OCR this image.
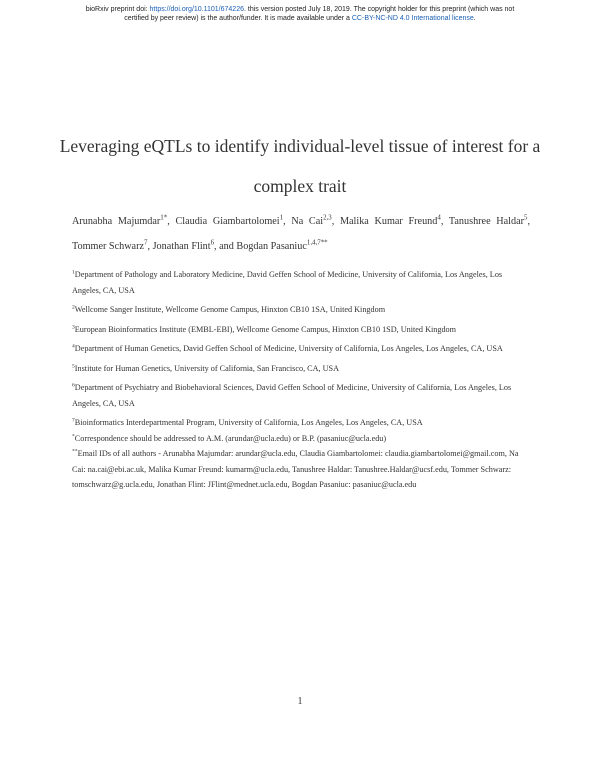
bioRxiv preprint doi: https://doi.org/10.1101/674226. this version posted July 18, 2019. The copyright holder for this preprint (which was not
certified by peer review) is the author/funder. It is made available under a CC-BY-NC-ND 4.0 International license.
Leveraging eQTLs to identify individual-level tissue of interest for a
complex trait
Arunabha Majumdar$^{1*}$, Claudia Giambartolomei$^1$, Na Cai$^{2,3}$, Malika Kumar Freund$^4$, Tanushree Haldar$^5$, Tommer Schwarz$^7$, Jonathan Flint$^6$, and Bogdan Pasaniuc$^{1,4,7**}$

$^1$Department of Pathology and Laboratory Medicine, David Geffen School of Medicine, University of California, Los Angeles, Los Angeles, CA, USA

$^2$Wellcome Sanger Institute, Wellcome Genome Campus, Hinxton CB10 1SA, United Kingdom

$^3$European Bioinformatics Institute (EMBL-EBI), Wellcome Genome Campus, Hinxton CB10 1SD, United Kingdom

$^4$Department of Human Genetics, David Geffen School of Medicine, University of California, Los Angeles, Los Angeles, CA, USA

$^5$Institute for Human Genetics, University of California, San Francisco, CA, USA

$^6$Department of Psychiatry and Biobehavioral Sciences, David Geffen School of Medicine, University of California, Los Angeles, Los Angeles, CA, USA

$^7$Bioinformatics Interdepartmental Program, University of California, Los Angeles, Los Angeles, CA, USA

*Correspondence should be addressed to A.M. (arundar@ucla.edu) or B.P. (pasaniuc@ucla.edu)

**Email IDs of all authors - Arunabha Majumdar: arundar@ucla.edu, Claudia Giambartolomei: claudia.giambartolomei@gmail.com, Na Cai: na.cai@ebi.ac.uk, Malika Kumar Freund: kumarm@ucla.edu, Tanushree Haldar: Tanushree.Haldar@ucsf.edu, Tommer Schwarz: tomschwarz@g.ucla.edu, Jonathan Flint: JFlint@mednet.ucla.edu, Bogdan Pasaniuc: pasaniuc@ucla.edu

1
